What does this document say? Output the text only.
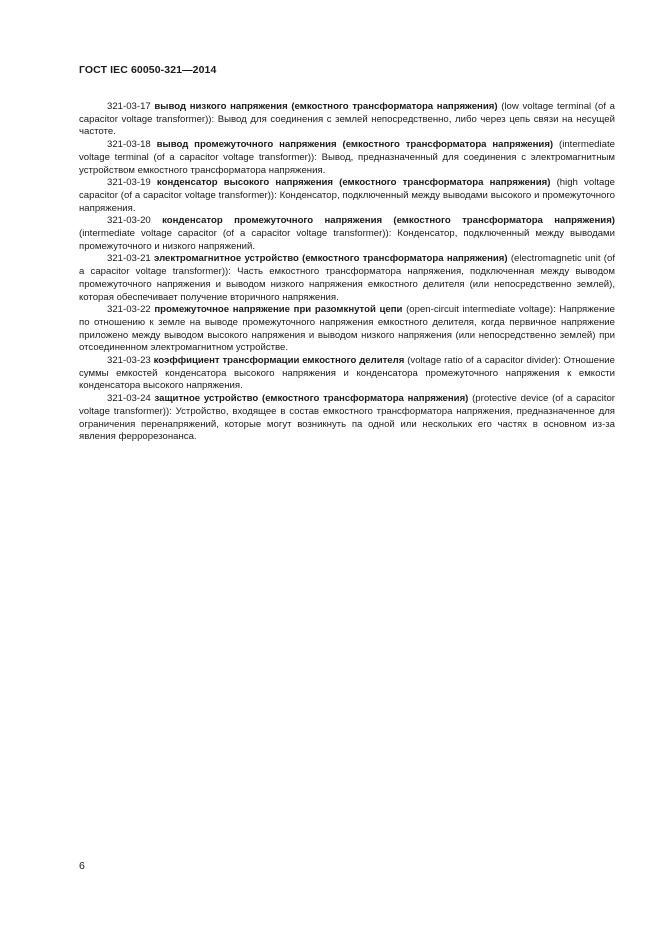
ГОСТ IEC 60050-321—2014

321-03-17 вывод низкого напряжения (емкостного трансформатора напряжения) (low voltage terminal (of a capacitor voltage transformer)): Вывод для соединения с землей непосредственно, либо через цепь связи на несущей частоте.

321-03-18 вывод промежуточного напряжения (емкостного трансформатора напряжения) (intermediate voltage terminal (of a capacitor voltage transformer)): Вывод, предназначенный для соединения с электромагнитным устройством емкостного трансформатора напряжения.

321-03-19 конденсатор высокого напряжения (емкостного трансформатора напряжения) (high voltage capacitor (of a capacitor voltage transformer)): Конденсатор, подключенный между выводами высокого и промежуточного напряжения.

321-03-20 конденсатор промежуточного напряжения (емкостного трансформатора напряжения) (intermediate voltage capacitor (of a capacitor voltage transformer)): Конденсатор, подключенный между выводами промежуточного и низкого напряжений.

321-03-21 электромагнитное устройство (емкостного трансформатора напряжения) (electromagnetic unit (of a capacitor voltage transformer)): Часть емкостного трансформатора напряжения, подключенная между выводом промежуточного напряжения и выводом низкого напряжения емкостного делителя (или непосредственно землей), которая обеспечивает получение вторичного напряжения.

321-03-22 промежуточное напряжение при разомкнутой цепи (open-circuit intermediate voltage): Напряжение по отношению к земле на выводе промежуточного напряжения емкостного делителя, когда первичное напряжение приложено между выводом высокого напряжения и выводом низкого напряжения (или непосредственно землей) при отсоединенном электромагнитном устройстве.

321-03-23 коэффициент трансформации емкостного делителя (voltage ratio of a capacitor divider): Отношение суммы емкостей конденсатора высокого напряжения и конденсатора промежуточного напряжения к емкости конденсатора высокого напряжения.

321-03-24 защитное устройство (емкостного трансформатора напряжения) (protective device (of a capacitor voltage transformer)): Устройство, входящее в состав емкостного трансформатора напряжения, предназначенное для ограничения перенапряжений, которые могут возникнуть па одной или нескольких его частях в основном из-за явления феррорезонанса.

6
